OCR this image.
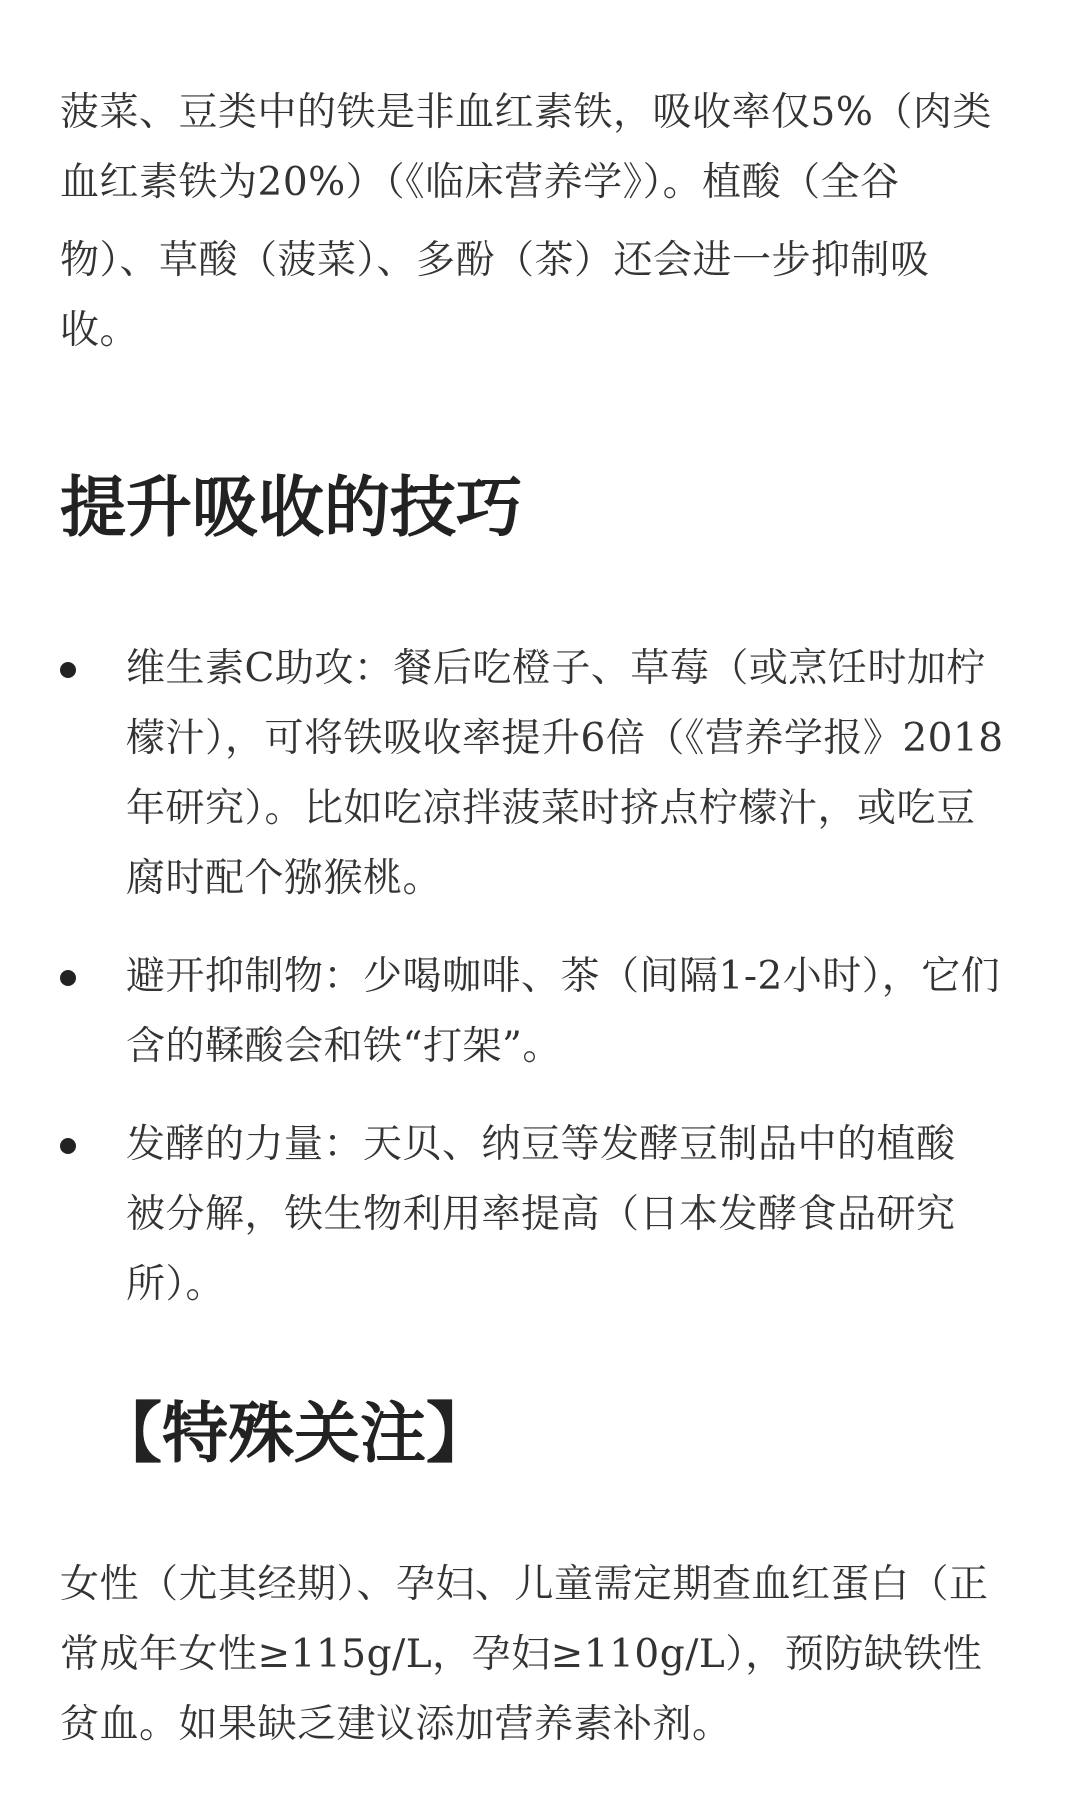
菠菜、豆类中的铁是非血红素铁，吸收率仅5%（肉类
血红素铁为20%）（《临床营养学》）。植酸（全谷
物）、草酸（菠菜）、多酚（茶）还会进一步抑制吸
收。

提升吸收的技巧
维生素C助攻：餐后吃橙子、草莓（或烹饪时加柠
檬汁），可将铁吸收率提升6倍（《营养学报》2018
年研究）。比如吃凉拌菠菜时挤点柠檬汁，或吃豆
腐时配个猕猴桃。
避开抑制物：少喝咖啡、茶（间隔1-2小时），它们
含的鞣酸会和铁“打架”。
发酵的力量：天贝、纳豆等发酵豆制品中的植酸
被分解，铁生物利用率提高（日本发酵食品研究
所）。
【特殊关注】

女性（尤其经期）、孕妇、儿童需定期查血红蛋白（正
常成年女性≥115g/L，孕妇≥110g/L），预防缺铁性
贫血。如果缺乏建议添加营养素补剂。
